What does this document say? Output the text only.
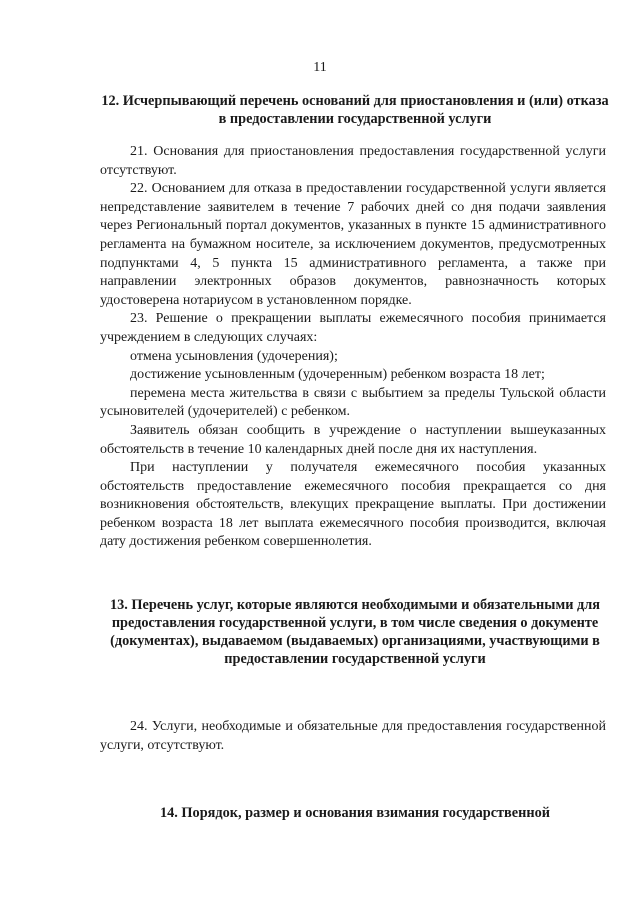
11
12. Исчерпывающий перечень оснований для приостановления и (или) отказа в предоставлении государственной услуги

21. Основания для приостановления предоставления государственной услуги отсутствуют.

22. Основанием для отказа в предоставлении государственной услуги является непредставление заявителем в течение 7 рабочих дней со дня подачи заявления через Региональный портал документов, указанных в пункте 15 административного регламента на бумажном носителе, за исключением документов, предусмотренных подпунктами 4, 5 пункта 15 административного регламента, а также при направлении электронных образов документов, равнозначность которых удостоверена нотариусом в установленном порядке.

23. Решение о прекращении выплаты ежемесячного пособия принимается учреждением в следующих случаях:

отмена усыновления (удочерения);

достижение усыновленным (удочеренным) ребенком возраста 18 лет;

перемена места жительства в связи с выбытием за пределы Тульской области усыновителей (удочерителей) с ребенком.

Заявитель обязан сообщить в учреждение о наступлении вышеуказанных обстоятельств в течение 10 календарных дней после дня их наступления.

При наступлении у получателя ежемесячного пособия указанных обстоятельств предоставление ежемесячного пособия прекращается со дня возникновения обстоятельств, влекущих прекращение выплаты. При достижении ребенком возраста 18 лет выплата ежемесячного пособия производится, включая дату достижения ребенком совершеннолетия.

13. Перечень услуг, которые являются необходимыми и обязательными для предоставления государственной услуги, в том числе сведения о документе (документах), выдаваемом (выдаваемых) организациями, участвующими в предоставлении государственной услуги

24. Услуги, необходимые и обязательные для предоставления государственной услуги, отсутствуют.

14. Порядок, размер и основания взимания государственной
